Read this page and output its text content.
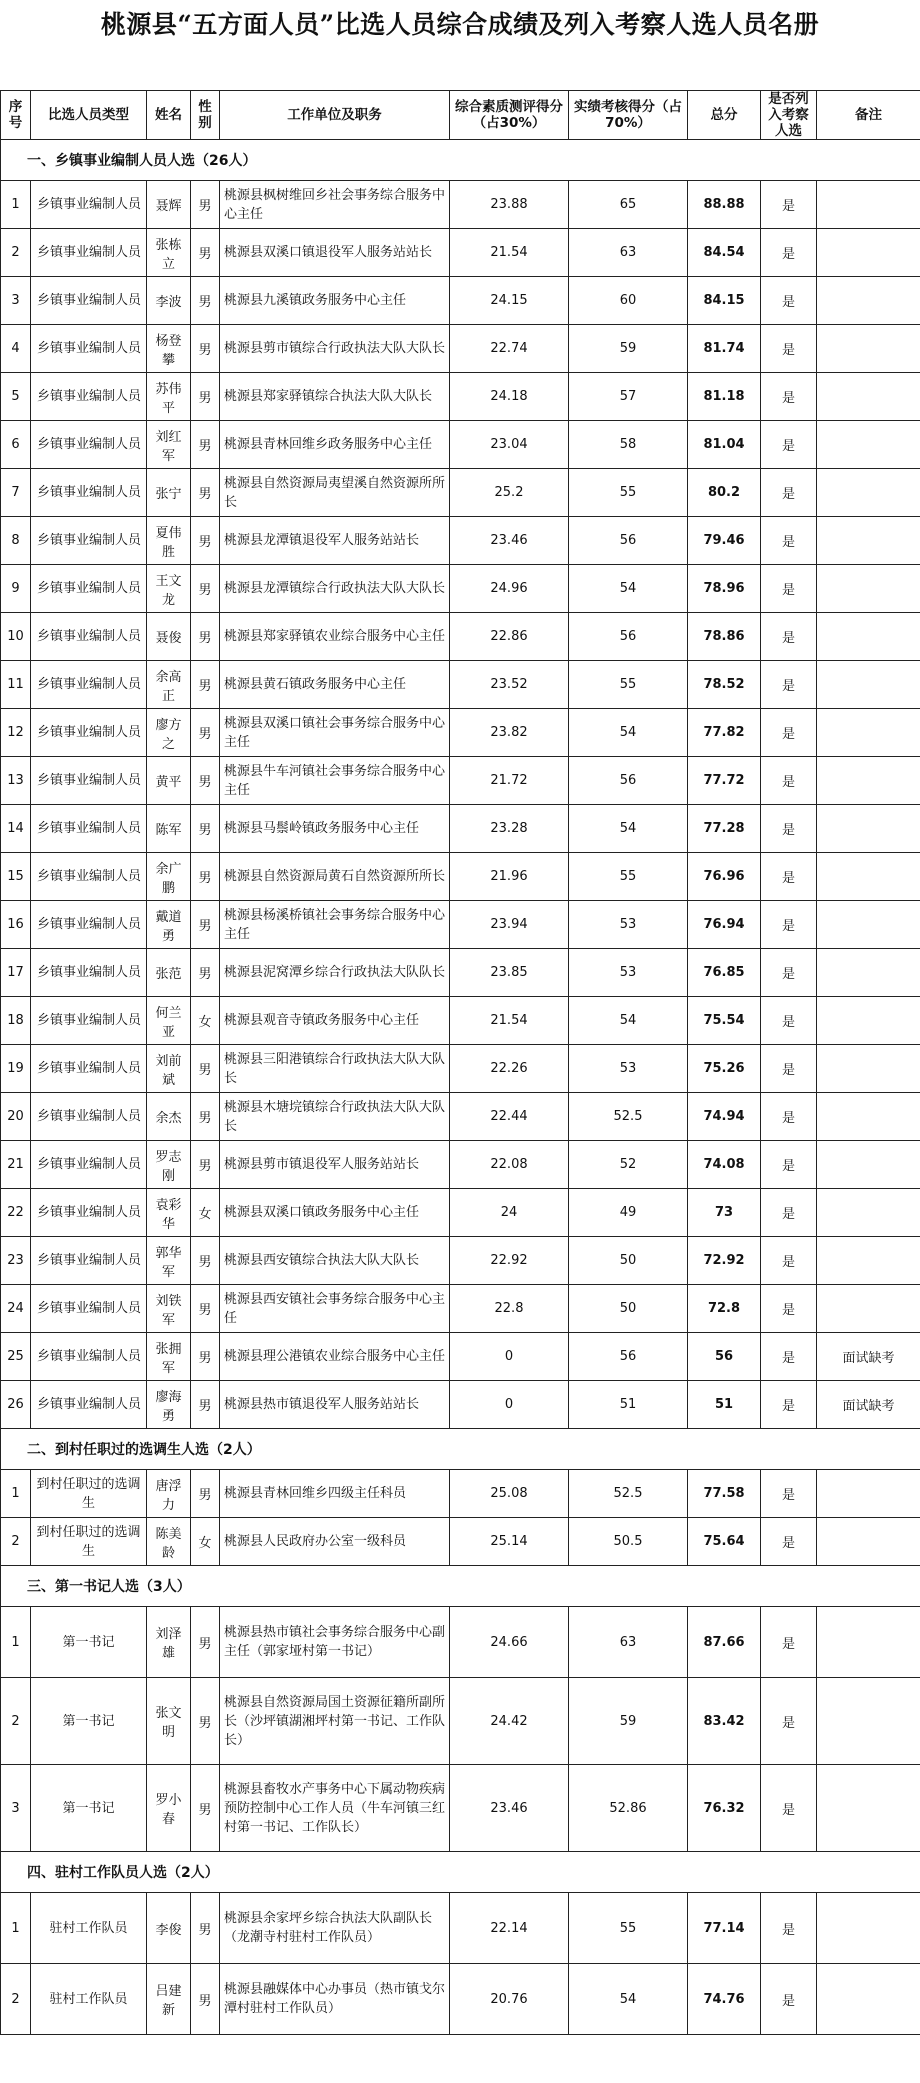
桃源县“五方面人员”比选人员综合成绩及列入考察人选人员名册
序号	比选人员类型	姓名	性别	工作单位及职务	综合素质测评得分（占30%）	实绩考核得分（占70%）	总分	是否列入考察人选	备注
一、乡镇事业编制人员人选（26人）									
1	乡镇事业编制人员	聂辉	男	桃源县枫树维回乡社会事务综合服务中心主任	23.88	65	88.88	是	
2	乡镇事业编制人员	张栋立	男	桃源县双溪口镇退役军人服务站站长	21.54	63	84.54	是	
3	乡镇事业编制人员	李波	男	桃源县九溪镇政务服务中心主任	24.15	60	84.15	是	
4	乡镇事业编制人员	杨登攀	男	桃源县剪市镇综合行政执法大队大队长	22.74	59	81.74	是	
5	乡镇事业编制人员	苏伟平	男	桃源县郑家驿镇综合执法大队大队长	24.18	57	81.18	是	
6	乡镇事业编制人员	刘红军	男	桃源县青林回维乡政务服务中心主任	23.04	58	81.04	是	
7	乡镇事业编制人员	张宁	男	桃源县自然资源局夷望溪自然资源所所长	25.2	55	80.2	是	
8	乡镇事业编制人员	夏伟胜	男	桃源县龙潭镇退役军人服务站站长	23.46	56	79.46	是	
9	乡镇事业编制人员	王文龙	男	桃源县龙潭镇综合行政执法大队大队长	24.96	54	78.96	是	
10	乡镇事业编制人员	聂俊	男	桃源县郑家驿镇农业综合服务中心主任	22.86	56	78.86	是	
11	乡镇事业编制人员	余高正	男	桃源县黄石镇政务服务中心主任	23.52	55	78.52	是	
12	乡镇事业编制人员	廖方之	男	桃源县双溪口镇社会事务综合服务中心主任	23.82	54	77.82	是	
13	乡镇事业编制人员	黄平	男	桃源县牛车河镇社会事务综合服务中心主任	21.72	56	77.72	是	
14	乡镇事业编制人员	陈军	男	桃源县马鬃岭镇政务服务中心主任	23.28	54	77.28	是	
15	乡镇事业编制人员	余广鹏	男	桃源县自然资源局黄石自然资源所所长	21.96	55	76.96	是	
16	乡镇事业编制人员	戴道勇	男	桃源县杨溪桥镇社会事务综合服务中心主任	23.94	53	76.94	是	
17	乡镇事业编制人员	张范	男	桃源县泥窝潭乡综合行政执法大队队长	23.85	53	76.85	是	
18	乡镇事业编制人员	何兰亚	女	桃源县观音寺镇政务服务中心主任	21.54	54	75.54	是	
19	乡镇事业编制人员	刘前斌	男	桃源县三阳港镇综合行政执法大队大队长	22.26	53	75.26	是	
20	乡镇事业编制人员	余杰	男	桃源县木塘垸镇综合行政执法大队大队长	22.44	52.5	74.94	是	
21	乡镇事业编制人员	罗志刚	男	桃源县剪市镇退役军人服务站站长	22.08	52	74.08	是	
22	乡镇事业编制人员	袁彩华	女	桃源县双溪口镇政务服务中心主任	24	49	73	是	
23	乡镇事业编制人员	郭华军	男	桃源县西安镇综合执法大队大队长	22.92	50	72.92	是	
24	乡镇事业编制人员	刘铁军	男	桃源县西安镇社会事务综合服务中心主任	22.8	50	72.8	是	
25	乡镇事业编制人员	张拥军	男	桃源县理公港镇农业综合服务中心主任	0	56	56	是	面试缺考
26	乡镇事业编制人员	廖海勇	男	桃源县热市镇退役军人服务站站长	0	51	51	是	面试缺考
二、到村任职过的选调生人选（2人）									
1	到村任职过的选调生	唐浮力	男	桃源县青林回维乡四级主任科员	25.08	52.5	77.58	是	
2	到村任职过的选调生	陈美龄	女	桃源县人民政府办公室一级科员	25.14	50.5	75.64	是	
三、第一书记人选（3人）									
1	第一书记	刘泽雄	男	桃源县热市镇社会事务综合服务中心副主任（郭家垭村第一书记）	24.66	63	87.66	是	
2	第一书记	张文明	男	桃源县自然资源局国土资源征籍所副所长（沙坪镇湖湘坪村第一书记、工作队长）	24.42	59	83.42	是	
3	第一书记	罗小春	男	桃源县畜牧水产事务中心下属动物疾病预防控制中心工作人员（牛车河镇三红村第一书记、工作队长）	23.46	52.86	76.32	是	
四、驻村工作队员人选（2人）									
1	驻村工作队员	李俊	男	桃源县余家坪乡综合执法大队副队长（龙潮寺村驻村工作队员）	22.14	55	77.14	是	
2	驻村工作队员	吕建新	男	桃源县融媒体中心办事员（热市镇戈尔潭村驻村工作队员）	20.76	54	74.76	是	
